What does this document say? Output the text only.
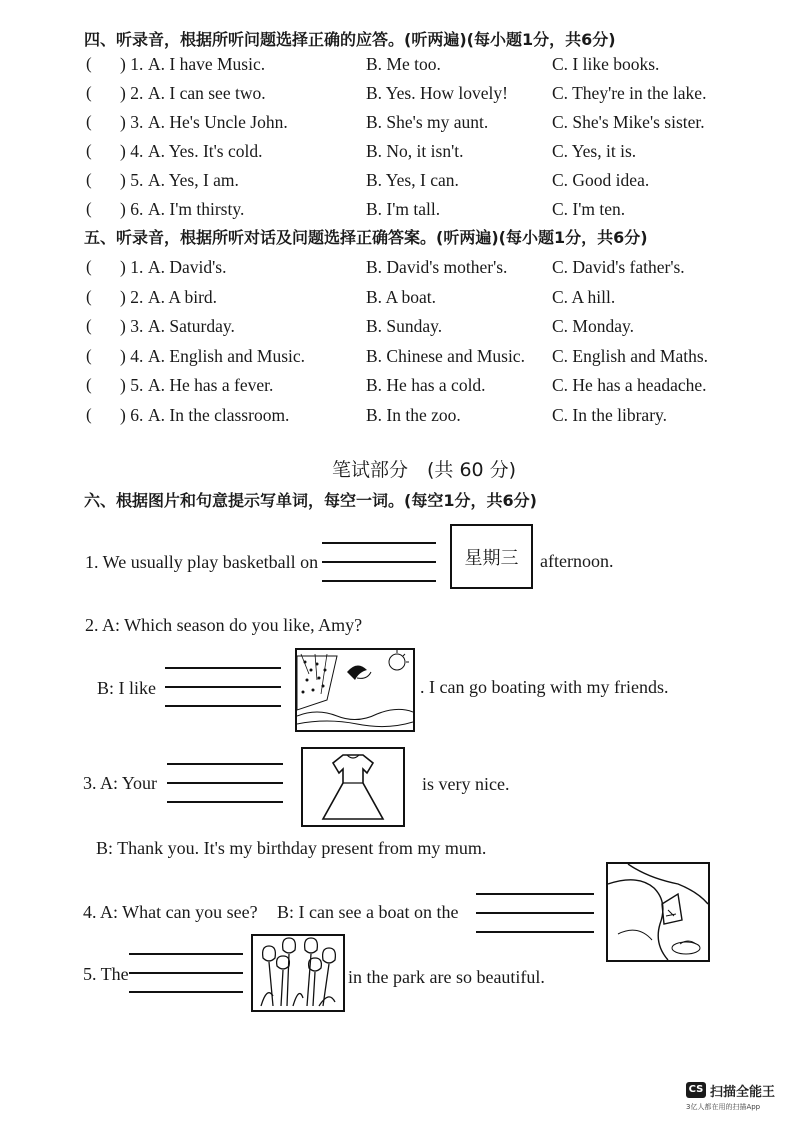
四、听录音，根据所听问题选择正确的应答。(听两遍)(每小题1分，共6分)
( ) 1. A. I have Music.	B. Me too.	C. I like books.
( ) 2. A. I can see two.	B. Yes. How lovely!	C. They're in the lake.
( ) 3. A. He's Uncle John.	B. She's my aunt.	C. She's Mike's sister.
( ) 4. A. Yes. It's cold.	B. No, it isn't.	C. Yes, it is.
( ) 5. A. Yes, I am.	B. Yes, I can.	C. Good idea.
( ) 6. A. I'm thirsty.	B. I'm tall.	C. I'm ten.
五、听录音，根据所听对话及问题选择正确答案。(听两遍)(每小题1分，共6分)
( ) 1. A. David's.	B. David's mother's.	C. David's father's.
( ) 2. A. A bird.	B. A boat.	C. A hill.
( ) 3. A. Saturday.	B. Sunday.	C. Monday.
( ) 4. A. English and Music.	B. Chinese and Music. C. English and Maths.
( ) 5. A. He has a fever.	B. He has a cold.	C. He has a headache.
( ) 6. A. In the classroom.	B. In the zoo.	C. In the library.
笔试部分　(共 60 分)
六、根据图片和句意提示写单词，每空一词。(每空1分，共6分)
1. We usually play basketball on	星期三 afternoon.
2. A: Which season do you like, Amy?
B: I like	. I can go boating with my friends.
3. A: Your	is very nice.
B: Thank you. It's my birthday present from my mum.
4. A: What can you see? B: I can see a boat on the
5. The	in the park are so beautiful.
CS 扫描全能王
3亿人都在用的扫描App
